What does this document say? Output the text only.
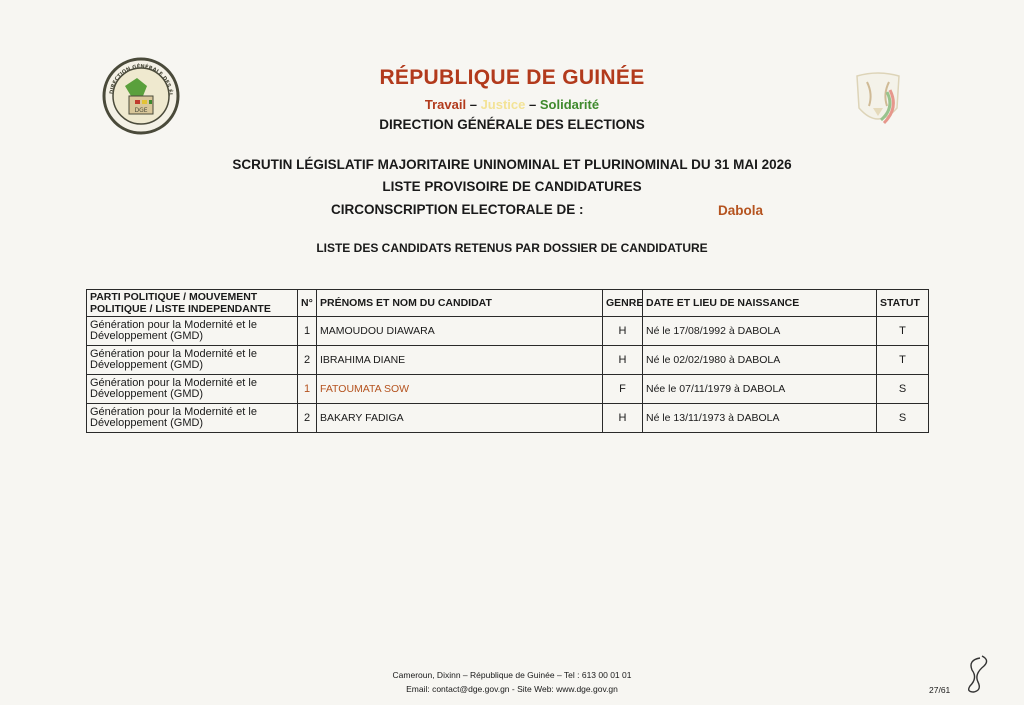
DGE
DIRECTION GÉNÉRALE DES ÉL
RÉPUBLIQUE DE GUINÉE
Travail – Justice – Solidarité
DIRECTION GÉNÉRALE DES ELECTIONS
SCRUTIN LÉGISLATIF MAJORITAIRE UNINOMINAL ET PLURINOMINAL DU 31 MAI 2026
LISTE PROVISOIRE DE CANDIDATURES
CIRCONSCRIPTION ELECTORALE DE :	Dabola
LISTE DES CANDIDATS RETENUS PAR DOSSIER DE CANDIDATURE
PARTI POLITIQUE / MOUVEMENT POLITIQUE / LISTE INDEPENDANTE	N°	PRÉNOMS ET NOM DU CANDIDAT	GENRE	DATE ET LIEU DE NAISSANCE	STATUT
Génération pour la Modernité et le Développement (GMD)	1	MAMOUDOU DIAWARA	H	Né le 17/08/1992 à DABOLA	T
Génération pour la Modernité et le Développement (GMD)	2	IBRAHIMA DIANE	H	Né le 02/02/1980 à DABOLA	T
Génération pour la Modernité et le Développement (GMD)	1	FATOUMATA SOW	F	Née le 07/11/1979 à DABOLA	S
Génération pour la Modernité et le Développement (GMD)	2	BAKARY FADIGA	H	Né le 13/11/1973 à DABOLA	S
Cameroun, Dixinn – République de Guinée – Tel : 613 00 01 01
Email: contact@dge.gov.gn - Site Web: www.dge.gov.gn	27/61
